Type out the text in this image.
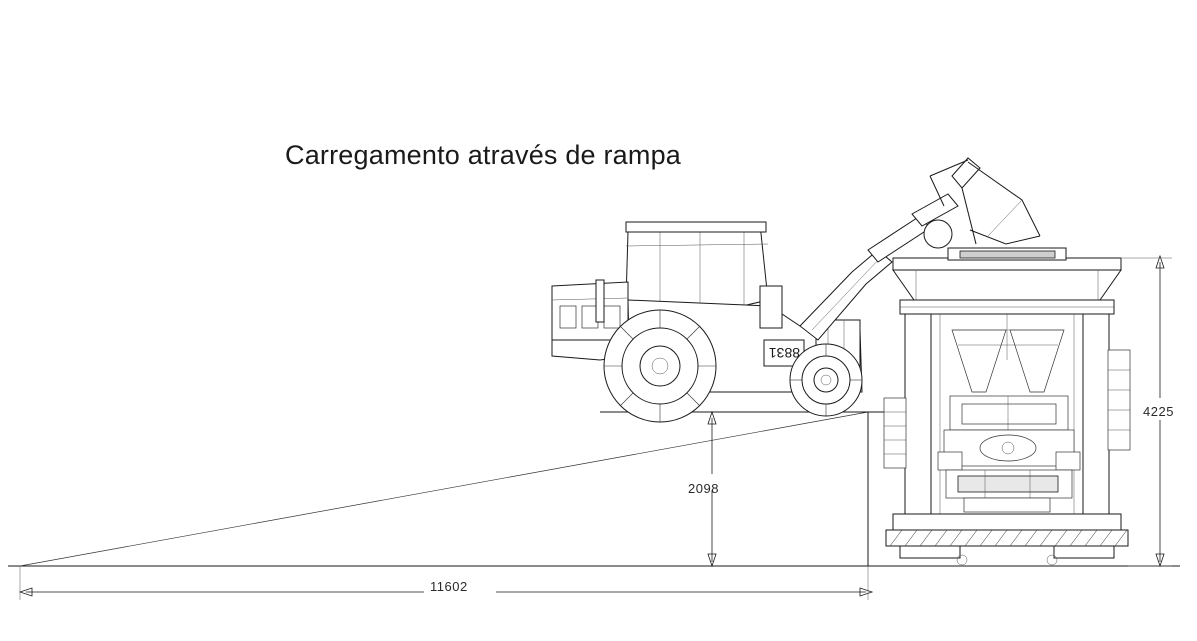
Carregamento através de rampa
2098
4225
11602
8831
